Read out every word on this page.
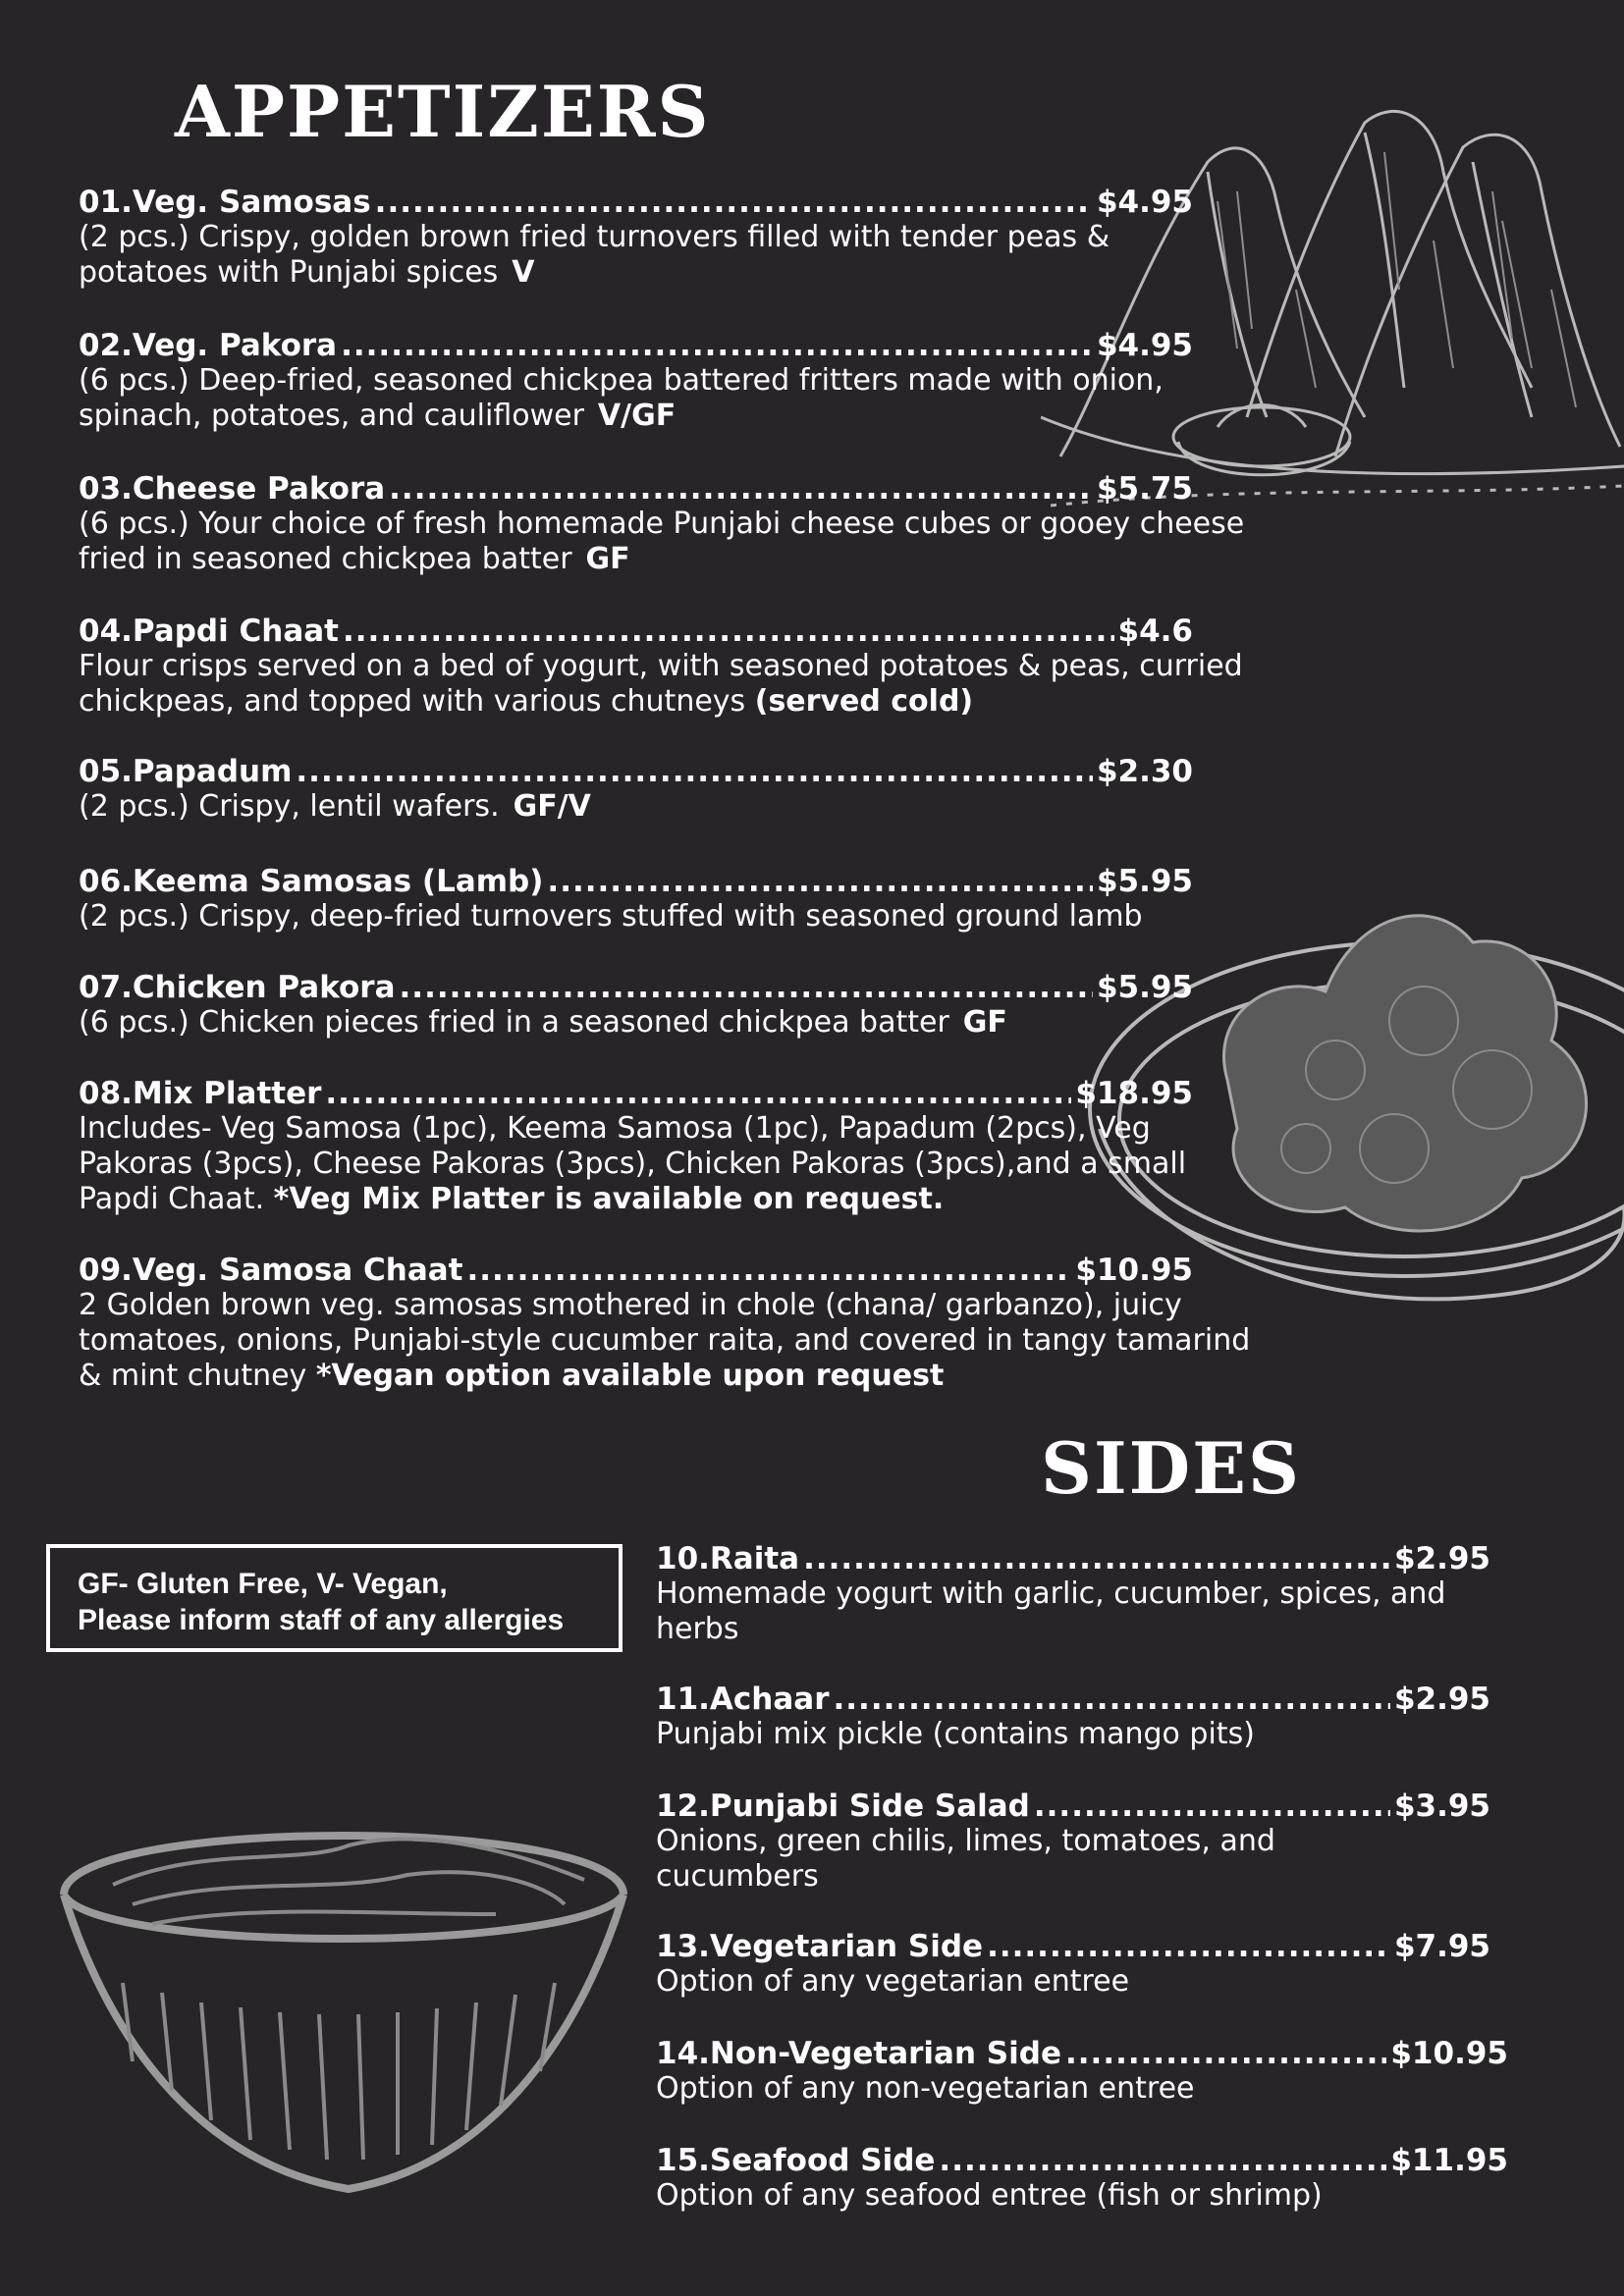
APPETIZERS
SIDES
01.Veg. Samosas .....	$4.95

(2 pcs.) Crispy, golden brown fried turnovers filled with tender peas & potatoes with Punjabi spices V

02.Veg. Pakora .....	$4.95

(6 pcs.) Deep-fried, seasoned chickpea battered fritters made with onion, spinach, potatoes, and cauliflower V/GF

03.Cheese Pakora .....	$5.75

(6 pcs.) Your choice of fresh homemade Punjabi cheese cubes or gooey cheese fried in seasoned chickpea batter GF

04.Papdi Chaat .....	$4.6

Flour crisps served on a bed of yogurt, with seasoned potatoes & peas, curried chickpeas, and topped with various chutneys (served cold)

05.Papadum .....	$2.30

(2 pcs.) Crispy, lentil wafers. GF/V

06.Keema Samosas (Lamb) .....	$5.95

(2 pcs.) Crispy, deep-fried turnovers stuffed with seasoned ground lamb

07.Chicken Pakora .....	$5.95

(6 pcs.) Chicken pieces fried in a seasoned chickpea batter GF

08.Mix Platter .....	$18.95

Includes- Veg Samosa (1pc), Keema Samosa (1pc), Papadum (2pcs), Veg Pakoras (3pcs), Cheese Pakoras (3pcs), Chicken Pakoras (3pcs),and a small Papdi Chaat. *Veg Mix Platter is available on request.

09.Veg. Samosa Chaat .....	$10.95

2 Golden brown veg. samosas smothered in chole (chana/ garbanzo), juicy tomatoes, onions, Punjabi-style cucumber raita, and covered in tangy tamarind & mint chutney *Vegan option available upon request

GF- Gluten Free, V- Vegan,
Please inform staff of any allergies
10.Raita .....	$2.95

Homemade yogurt with garlic, cucumber, spices, and herbs

11.Achaar .....	$2.95

Punjabi mix pickle (contains mango pits)

12.Punjabi Side Salad .....	$3.95

Onions, green chilis, limes, tomatoes, and cucumbers

13.Vegetarian Side .....	$7.95

Option of any vegetarian entree

14.Non-Vegetarian Side .....	$10.95

Option of any non-vegetarian entree

15.Seafood Side .....	$11.95

Option of any seafood entree (fish or shrimp)
